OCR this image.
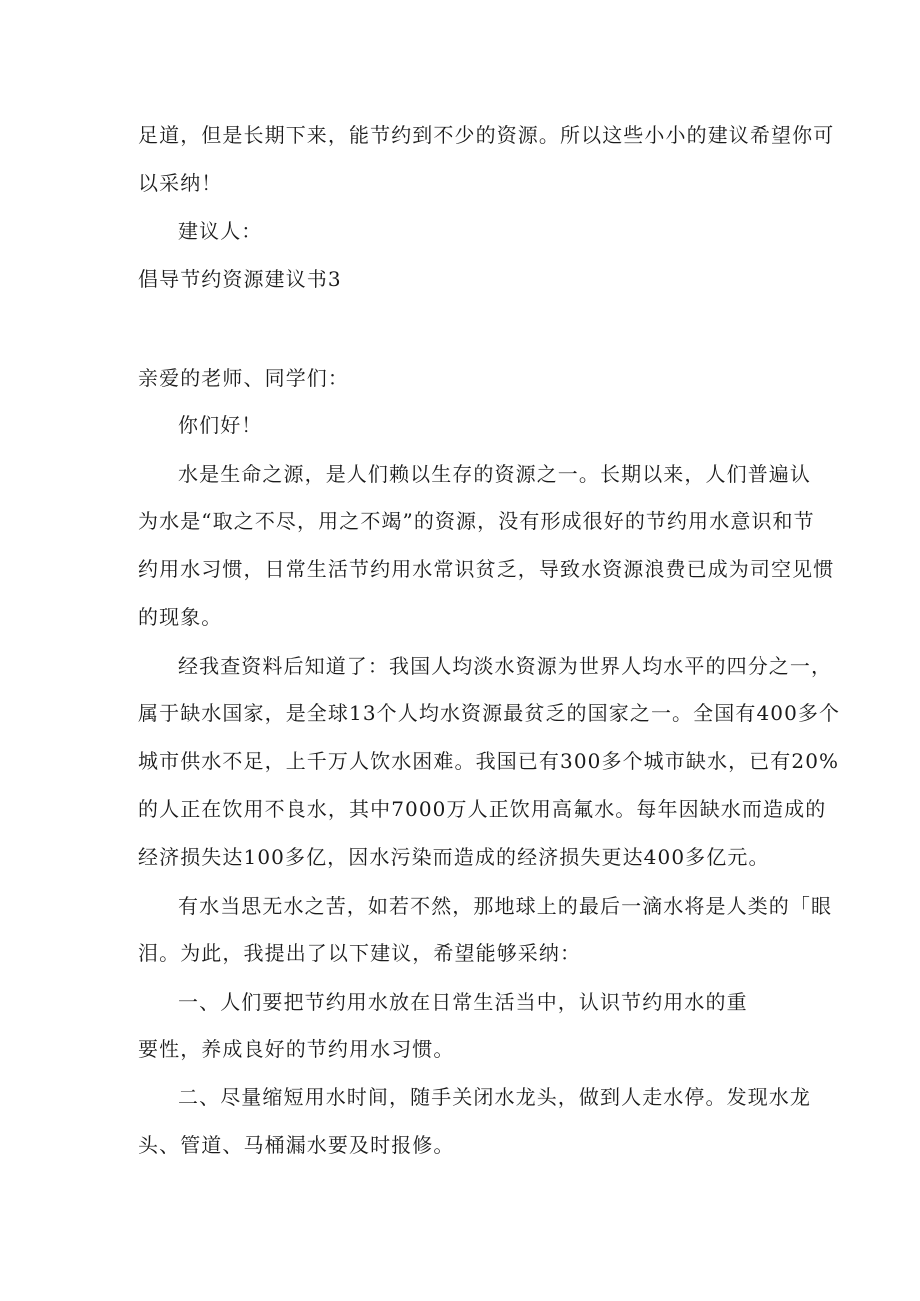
足道，但是长期下来，能节约到不少的资源。所以这些小小的建议希望你可

以采纳！

建议人：

倡导节约资源建议书3

亲爱的老师、同学们：

你们好！

水是生命之源，是人们赖以生存的资源之一。长期以来，人们普遍认

为水是“取之不尽，用之不竭”的资源，没有形成很好的节约用水意识和节

约用水习惯，日常生活节约用水常识贫乏，导致水资源浪费已成为司空见惯

的现象。

经我查资料后知道了：我国人均淡水资源为世界人均水平的四分之一，

属于缺水国家，是全球13个人均水资源最贫乏的国家之一。全国有400多个

城市供水不足，上千万人饮水困难。我国已有300多个城市缺水，已有20%

的人正在饮用不良水，其中7000万人正饮用高氟水。每年因缺水而造成的

经济损失达100多亿，因水污染而造成的经济损失更达400多亿元。

有水当思无水之苦，如若不然，那地球上的最后一滴水将是人类的「眼

泪。为此，我提出了以下建议，希望能够采纳：

一、人们要把节约用水放在日常生活当中，认识节约用水的重

要性，养成良好的节约用水习惯。

二、尽量缩短用水时间，随手关闭水龙头，做到人走水停。发现水龙

头、管道、马桶漏水要及时报修。
